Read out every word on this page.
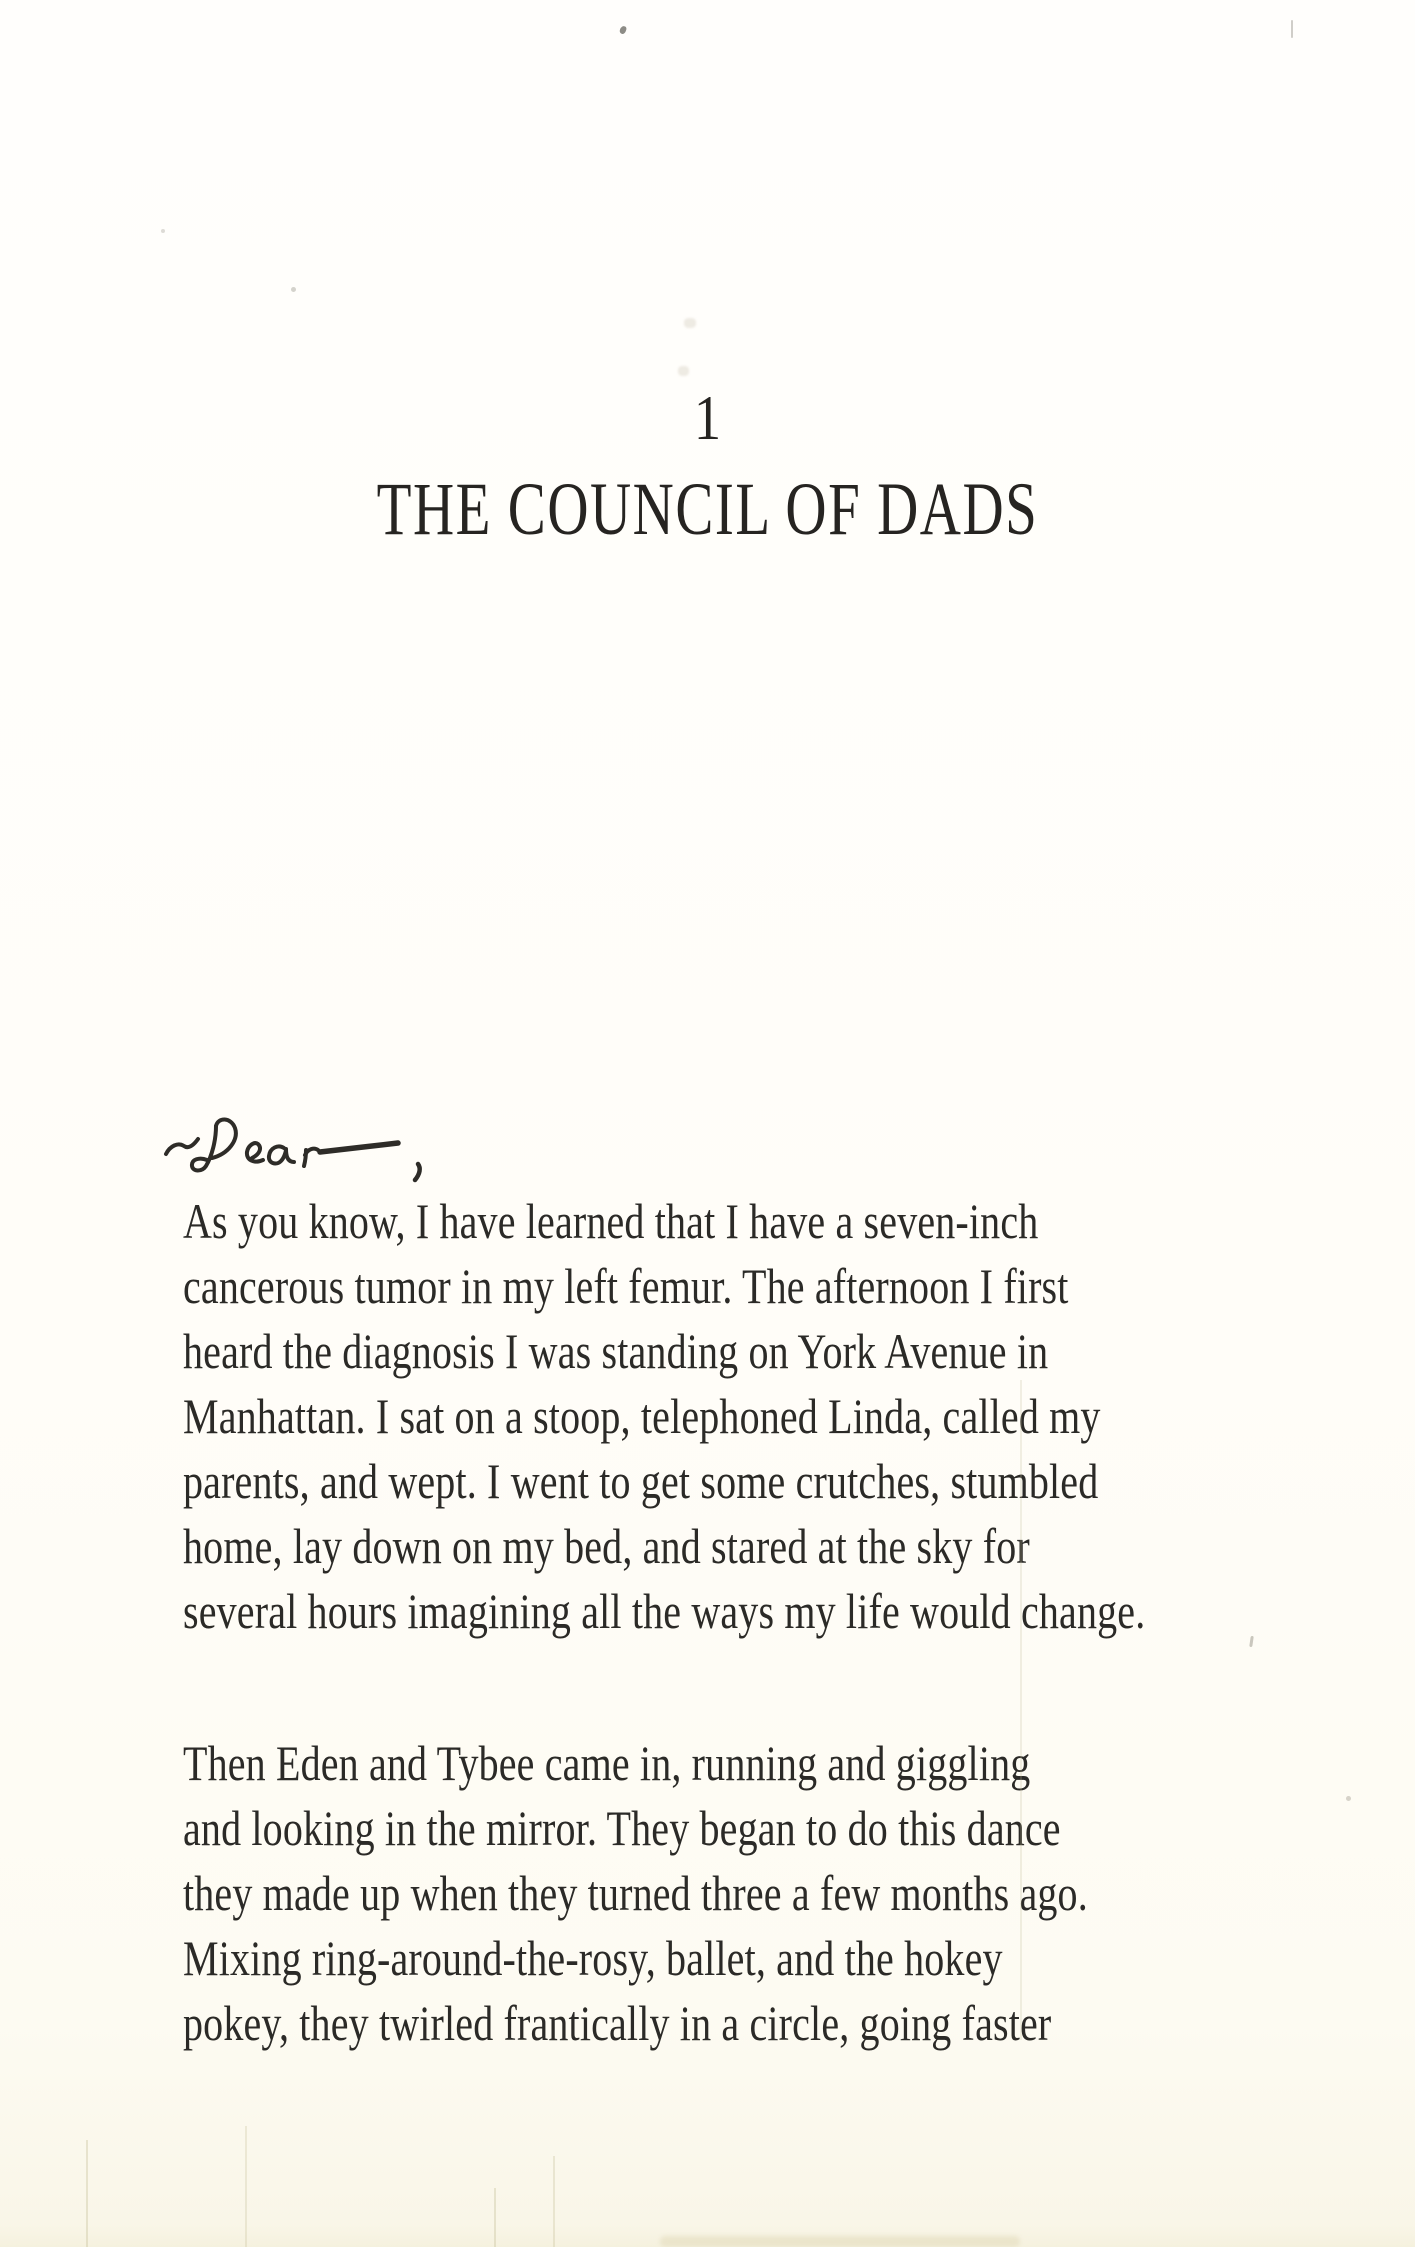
1
THE COUNCIL OF DADS
As you know, I have learned that I have a seven-inch
cancerous tumor in my left femur. The afternoon I first
heard the diagnosis I was standing on York Avenue in
Manhattan. I sat on a stoop, telephoned Linda, called my
parents, and wept. I went to get some crutches, stumbled
home, lay down on my bed, and stared at the sky for
several hours imagining all the ways my life would change.
Then Eden and Tybee came in, running and giggling
and looking in the mirror. They began to do this dance
they made up when they turned three a few months ago.
Mixing ring-around-the-rosy, ballet, and the hokey
pokey, they twirled frantically in a circle, going faster
